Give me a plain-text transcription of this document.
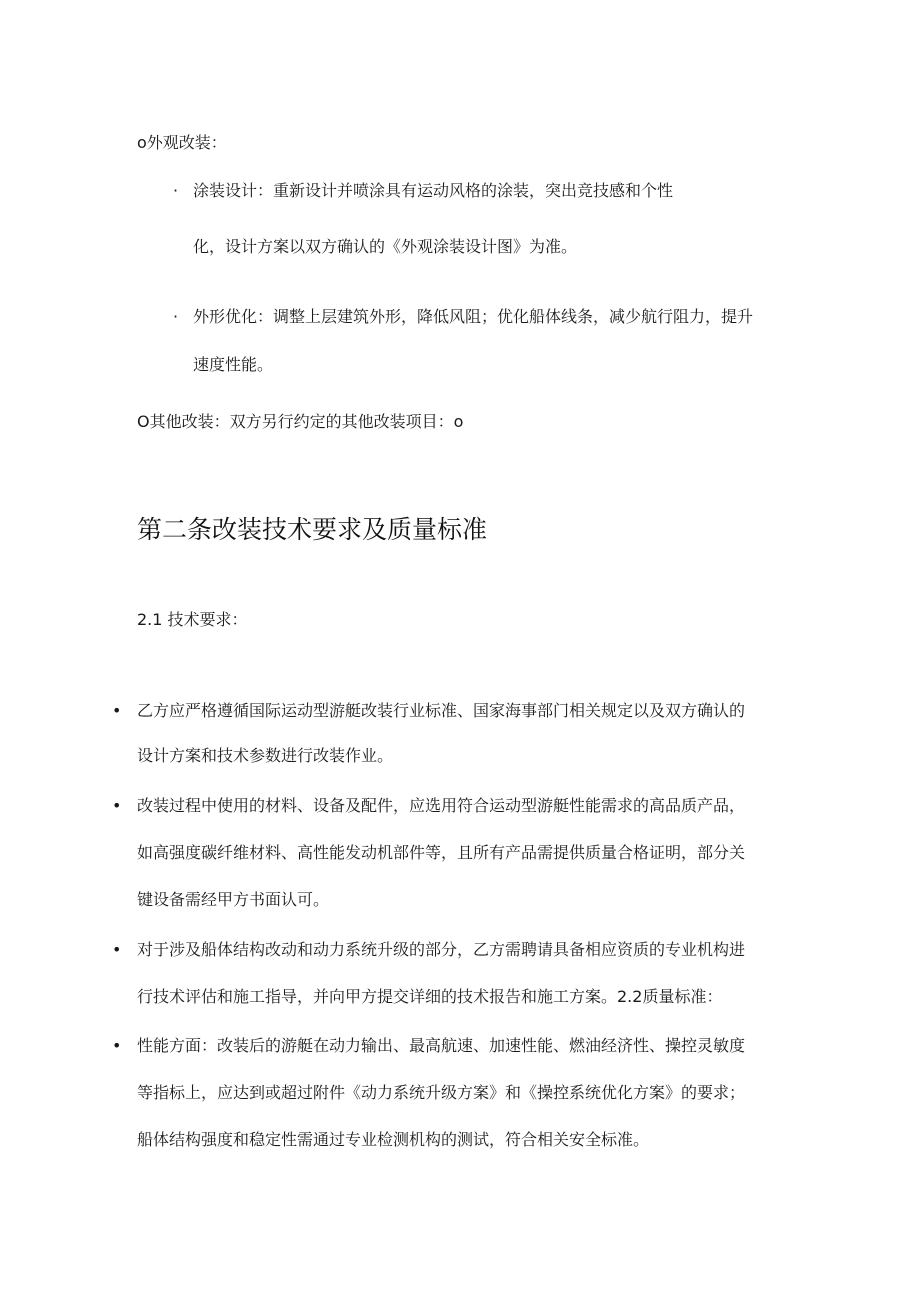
o外观改装：
· 涂装设计：重新设计并喷涂具有运动风格的涂装，突出竞技感和个性
化，设计方案以双方确认的《外观涂装设计图》为准。
· 外形优化：调整上层建筑外形，降低风阻；优化船体线条，减少航行阻力，提升
速度性能。
O其他改装：双方另行约定的其他改装项目：o
第二条改装技术要求及质量标准
2.1 技术要求：
• 乙方应严格遵循国际运动型游艇改装行业标准、国家海事部门相关规定以及双方确认的
设计方案和技术参数进行改装作业。
• 改装过程中使用的材料、设备及配件，应选用符合运动型游艇性能需求的高品质产品，
如高强度碳纤维材料、高性能发动机部件等，且所有产品需提供质量合格证明，部分关
键设备需经甲方书面认可。
• 对于涉及船体结构改动和动力系统升级的部分，乙方需聘请具备相应资质的专业机构进
行技术评估和施工指导，并向甲方提交详细的技术报告和施工方案。2.2质量标准：
• 性能方面：改装后的游艇在动力输出、最高航速、加速性能、燃油经济性、操控灵敏度
等指标上，应达到或超过附件《动力系统升级方案》和《操控系统优化方案》的要求；
船体结构强度和稳定性需通过专业检测机构的测试，符合相关安全标准。
